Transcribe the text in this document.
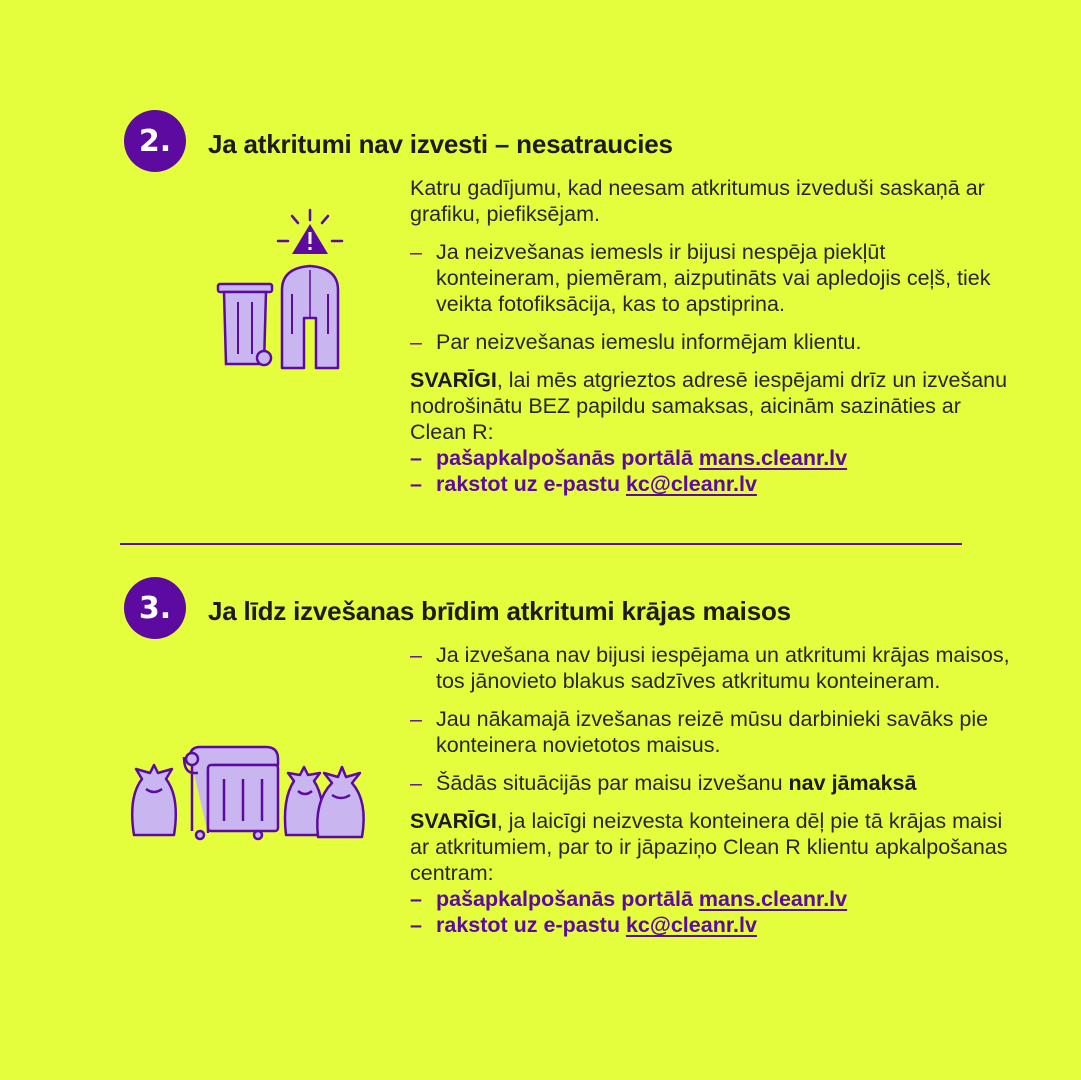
2. Ja atkritumi nav izvesti – nesatraucies

Katru gadījumu, kad neesam atkritumus izveduši saskaņā ar grafiku, piefiksējam.

– Ja neizvešanas iemesls ir bijusi nespēja piekļūt konteineram, piemēram, aizputināts vai apledojis ceļš, tiek veikta fotofiksācija, kas to apstiprina.
– Par neizvešanas iemeslu informējam klientu.

SVARĪGI, lai mēs atgrieztos adresē iespējami drīz un izvešanu nodrošinātu BEZ papildu samaksas, aicinām sazināties ar Clean R:

– pašapkalpošanās portālā mans.cleanr.lv
– rakstot uz e-pastu kc@cleanr.lv
3. Ja līdz izvešanas brīdim atkritumi krājas maisos
– Ja izvešana nav bijusi iespējama un atkritumi krājas maisos, tos jānovieto blakus sadzīves atkritumu konteineram.
– Jau nākamajā izvešanas reizē mūsu darbinieki savāks pie konteinera novietotos maisus.
– Šādās situācijās par maisu izvešanu nav jāmaksā

SVARĪGI, ja laicīgi neizvesta konteinera dēļ pie tā krājas maisi ar atkritumiem, par to ir jāpaziņo Clean R klientu apkalpošanas centram:

– pašapkalpošanās portālā mans.cleanr.lv
– rakstot uz e-pastu kc@cleanr.lv
